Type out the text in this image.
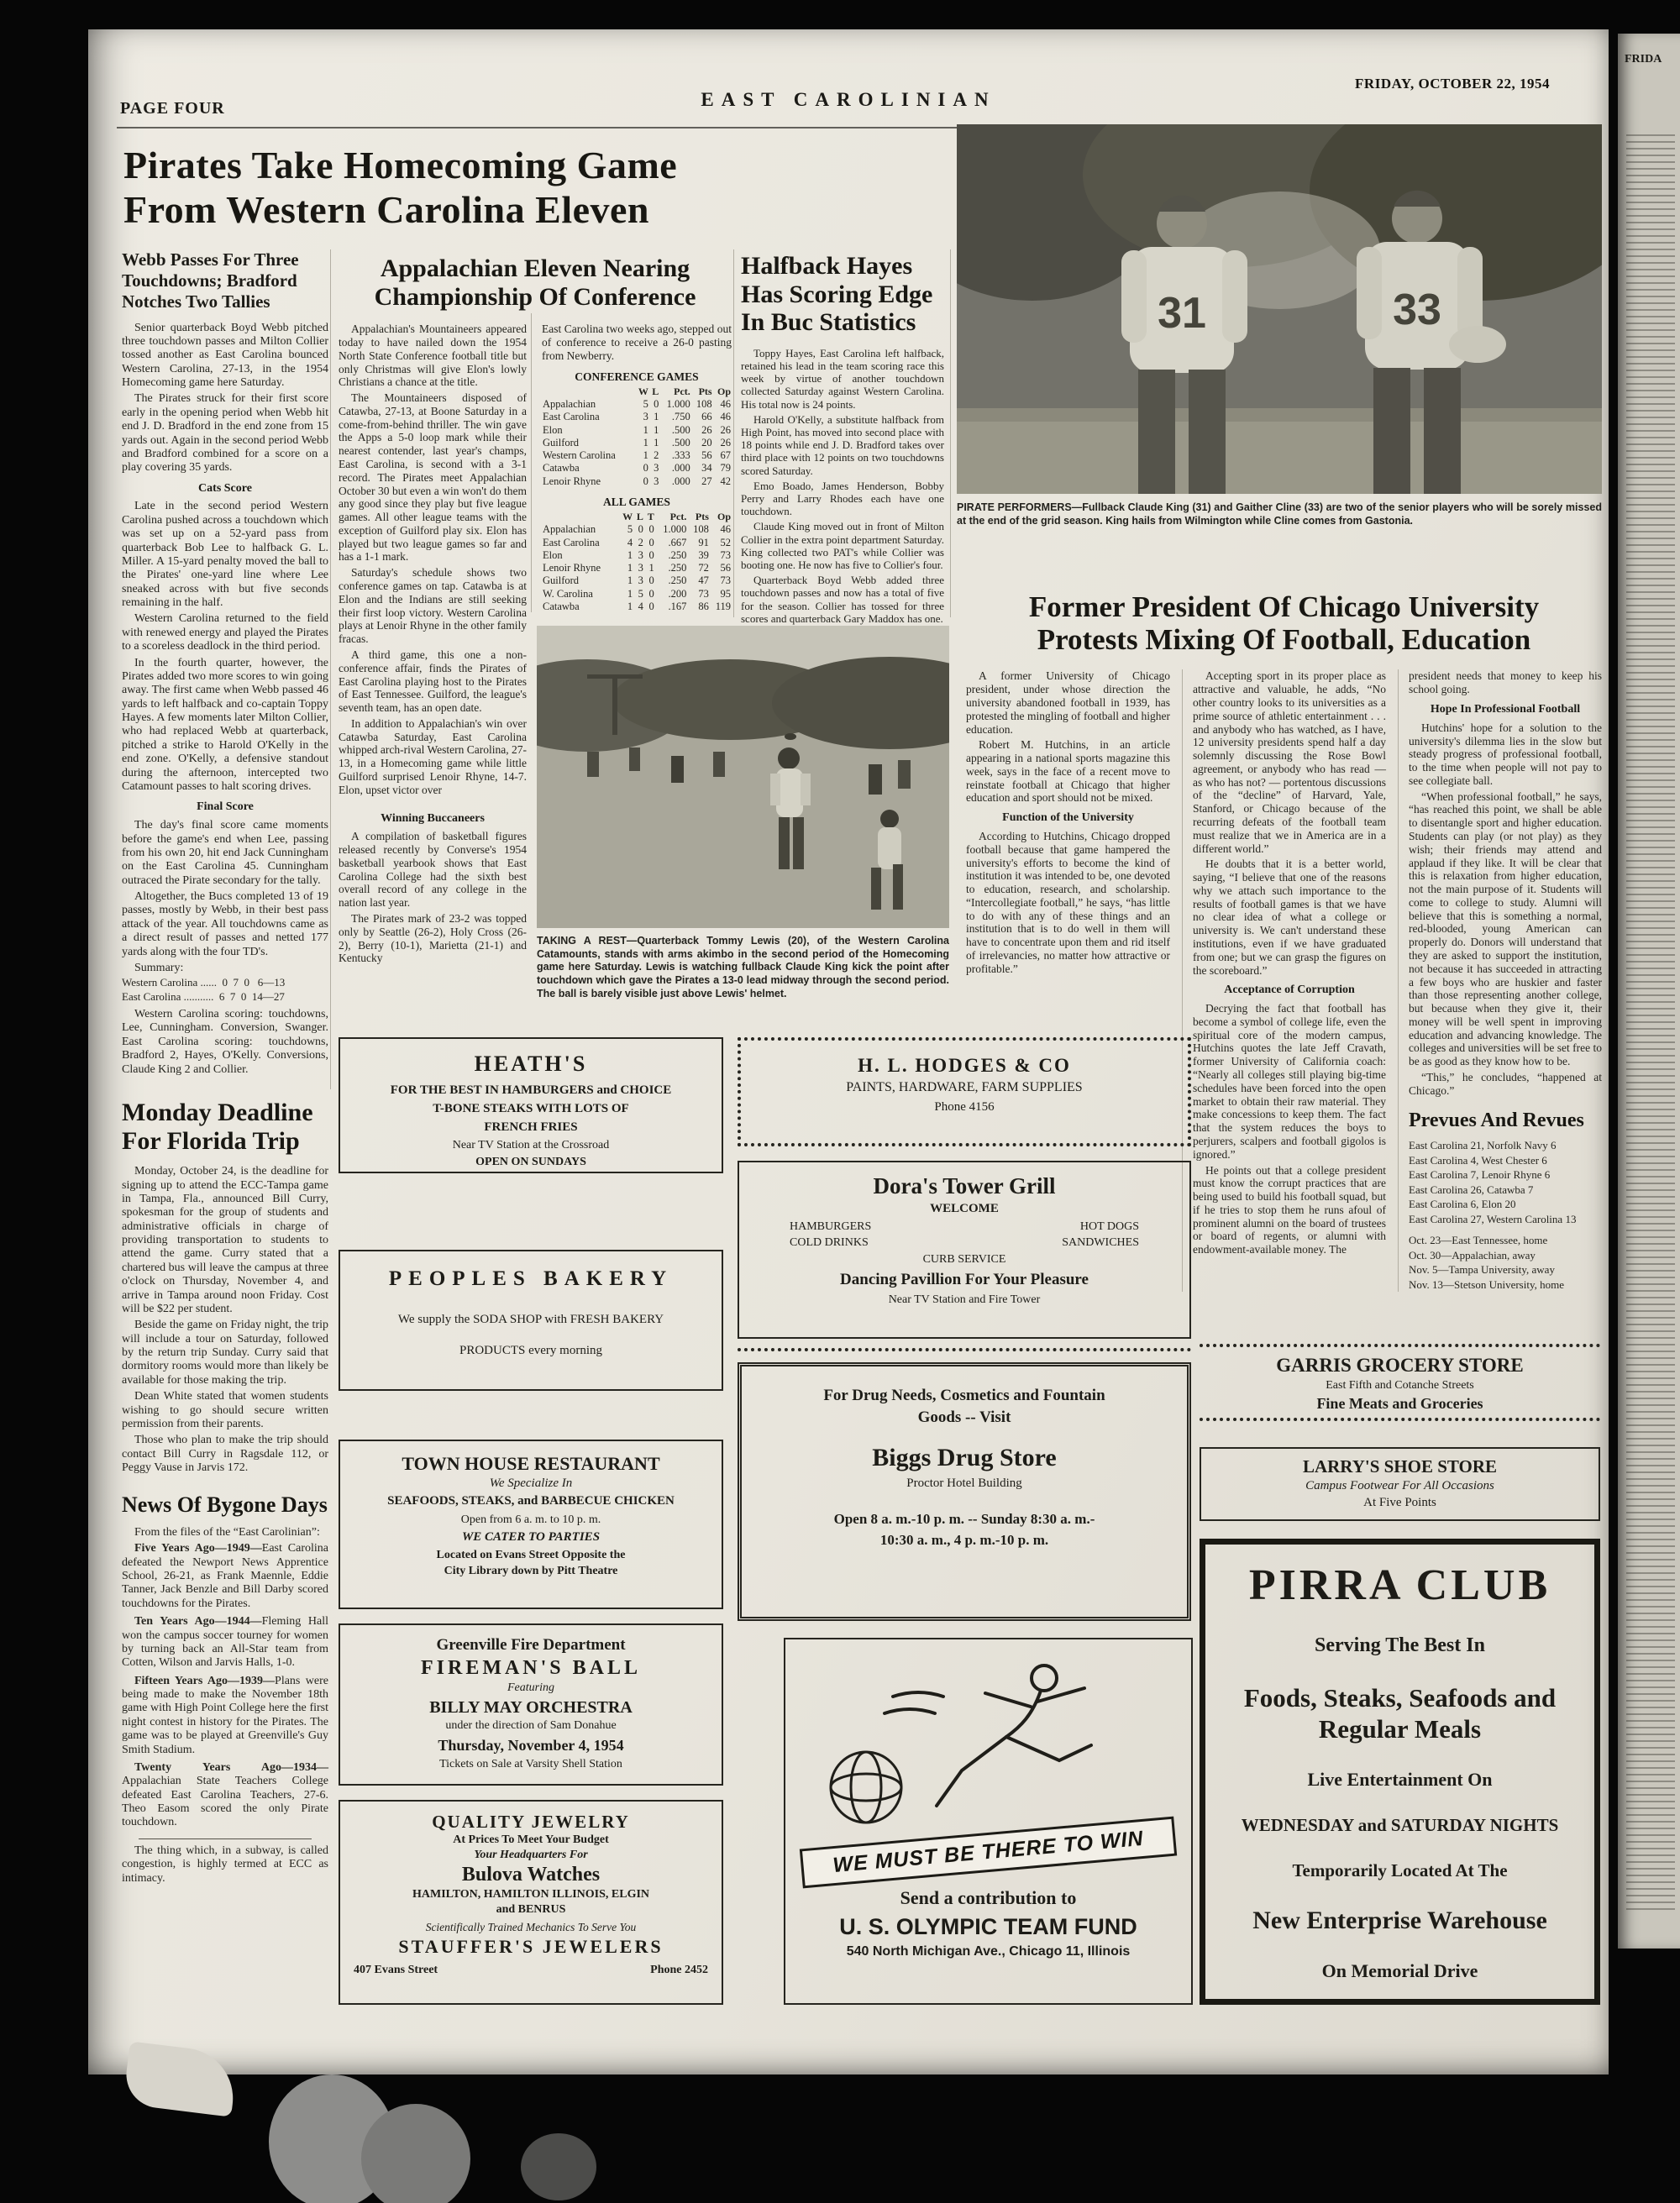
PAGE FOUR	EAST CAROLINIAN
FRIDAY, OCTOBER 22, 1954
Pirates Take Homecoming Game
From Western Carolina Eleven
Webb Passes For Three
Touchdowns; Bradford
Notches Two Tallies

Senior quarterback Boyd Webb pitched three touchdown passes and Milton Collier tossed another as East Carolina bounced Western Carolina, 27-13, in the 1954 Homecoming game here Saturday.

The Pirates struck for their first score early in the opening period when Webb hit end J. D. Bradford in the end zone from 15 yards out. Again in the second period Webb and Bradford combined for a score on a play covering 35 yards.

Cats Score

Late in the second period Western Carolina pushed across a touchdown which was set up on a 52-yard pass from quarterback Bob Lee to halfback G. L. Miller. A 15-yard penalty moved the ball to the Pirates' one-yard line where Lee sneaked across with but five seconds remaining in the half.

Western Carolina returned to the field with renewed energy and played the Pirates to a scoreless deadlock in the third period.

In the fourth quarter, however, the Pirates added two more scores to win going away. The first came when Webb passed 46 yards to left halfback and co-captain Toppy Hayes. A few moments later Milton Collier, who had replaced Webb at quarterback, pitched a strike to Harold O'Kelly in the end zone. O'Kelly, a defensive standout during the afternoon, intercepted two Catamount passes to halt scoring drives.

Final Score

The day's final score came moments before the game's end when Lee, passing from his own 20, hit end Jack Cunningham on the East Carolina 45. Cunningham outraced the Pirate secondary for the tally.

Altogether, the Bucs completed 13 of 19 passes, mostly by Webb, in their best pass attack of the year. All touchdowns came as a direct result of passes and netted 177 yards along with the four TD's.

Summary:

Western Carolina ......  0  7  0   6—13
East Carolina ...........  6  7  0  14—27

Western Carolina scoring: touchdowns, Lee, Cunningham. Conversion, Swanger. East Carolina scoring: touchdowns, Bradford 2, Hayes, O'Kelly. Conversions, Claude King 2 and Collier.

Monday Deadline
For Florida Trip

Monday, October 24, is the deadline for signing up to attend the ECC-Tampa game in Tampa, Fla., announced Bill Curry, spokesman for the group of students and administrative officials in charge of providing transportation to students to attend the game. Curry stated that a chartered bus will leave the campus at three o'clock on Thursday, November 4, and arrive in Tampa around noon Friday. Cost will be $22 per student.

Beside the game on Friday night, the trip will include a tour on Saturday, followed by the return trip Sunday. Curry said that dormitory rooms would more than likely be available for those making the trip.

Dean White stated that women students wishing to go should secure written permission from their parents.

Those who plan to make the trip should contact Bill Curry in Ragsdale 112, or Peggy Vause in Jarvis 172.

News Of Bygone Days

From the files of the “East Carolinian”:

Five Years Ago—1949—East Carolina defeated the Newport News Apprentice School, 26-21, as Frank Maennle, Eddie Tanner, Jack Benzle and Bill Darby scored touchdowns for the Pirates.

Ten Years Ago—1944—Fleming Hall won the campus soccer tourney for women by turning back an All-Star team from Cotten, Wilson and Jarvis Halls, 1-0.

Fifteen Years Ago—1939—Plans were being made to make the November 18th game with High Point College here the first night contest in history for the Pirates. The game was to be played at Greenville's Guy Smith Stadium.

Twenty Years Ago—1934—Appalachian State Teachers College defeated East Carolina Teachers, 27-6. Theo Easom scored the only Pirate touchdown.

The thing which, in a subway, is called congestion, is highly termed at ECC as intimacy.

Appalachian Eleven Nearing
Championship Of Conference

Appalachian's Mountaineers appeared today to have nailed down the 1954 North State Conference football title but only Christmas will give Elon's lowly Christians a chance at the title.

The Mountaineers disposed of Catawba, 27-13, at Boone Saturday in a come-from-behind thriller. The win gave the Apps a 5-0 loop mark while their nearest contender, last year's champs, East Carolina, is second with a 3-1 record. The Pirates meet Appalachian October 30 but even a win won't do them any good since they play but five league games. All other league teams with the exception of Guilford play six. Elon has played but two league games so far and has a 1-1 mark.

Saturday's schedule shows two conference games on tap. Catawba is at Elon and the Indians are still seeking their first loop victory. Western Carolina plays at Lenoir Rhyne in the other family fracas.

A third game, this one a non-conference affair, finds the Pirates of East Carolina playing host to the Pirates of East Tennessee. Guilford, the league's seventh team, has an open date.

In addition to Appalachian's win over Catawba Saturday, East Carolina whipped arch-rival Western Carolina, 27-13, in a Homecoming game while little Guilford surprised Lenoir Rhyne, 14-7. Elon, upset victor over

Winning Buccaneers

A compilation of basketball figures released recently by Converse's 1954 basketball yearbook shows that East Carolina College had the sixth best overall record of any college in the nation last year.

The Pirates mark of 23-2 was topped only by Seattle (26-2), Holy Cross (26-2), Berry (10-1), Marietta (21-1) and Kentucky

East Carolina two weeks ago, stepped out of conference to receive a 26-0 pasting from Newberry.

CONFERENCE GAMES
	W	L	Pct.	Pts	Op
Appalachian	5	0	1.000	108	46
East Carolina	3	1	.750	66	46
Elon	1	1	.500	26	26
Guilford	1	1	.500	20	26
Western Carolina	1	2	.333	56	67
Catawba	0	3	.000	34	79
Lenoir Rhyne	0	3	.000	27	42
ALL GAMES
	W	L	T	Pct.	Pts	Op
Appalachian	5	0	0	1.000	108	46
East Carolina	4	2	0	.667	91	52
Elon	1	3	0	.250	39	73
Lenoir Rhyne	1	3	1	.250	72	56
Guilford	1	3	0	.250	47	73
W. Carolina	1	5	0	.200	73	95
Catawba	1	4	0	.167	86	119
Halfback Hayes
Has Scoring Edge
In Buc Statistics

Toppy Hayes, East Carolina left halfback, retained his lead in the team scoring race this week by virtue of another touchdown collected Saturday against Western Carolina. His total now is 24 points.

Harold O'Kelly, a substitute halfback from High Point, has moved into second place with 18 points while end J. D. Bradford takes over third place with 12 points on two touchdowns scored Saturday.

Emo Boado, James Henderson, Bobby Perry and Larry Rhodes each have one touchdown.

Claude King moved out in front of Milton Collier in the extra point department Saturday. King collected two PAT's while Collier was booting one. He now has five to Collier's four.

Quarterback Boyd Webb added three touchdown passes and now has a total of five for the season. Collier has tossed for three scores and quarterback Gary Maddox has one.

31	33
PIRATE PERFORMERS—Fullback Claude King (31) and Gaither Cline (33) are two of the senior players who will be sorely missed at the end of the grid season. King hails from Wilmington while Cline comes from Gastonia.
TAKING A REST—Quarterback Tommy Lewis (20), of the Western Carolina Catamounts, stands with arms akimbo in the second period of the Homecoming game here Saturday. Lewis is watching fullback Claude King kick the point after touchdown which gave the Pirates a 13-0 lead midway through the second period. The ball is barely visible just above Lewis' helmet.
Former President Of Chicago University
Protests Mixing Of Football, Education

A former University of Chicago president, under whose direction the university abandoned football in 1939, has protested the mingling of football and higher education.

Robert M. Hutchins, in an article appearing in a national sports magazine this week, says in the face of a recent move to reinstate football at Chicago that higher education and sport should not be mixed.

Function of the University

According to Hutchins, Chicago dropped football because that game hampered the university's efforts to become the kind of institution it was intended to be, one devoted to education, research, and scholarship. “Intercollegiate football,” he says, “has little to do with any of these things and an institution that is to do well in them will have to concentrate upon them and rid itself of irrelevancies, no matter how attractive or profitable.”

Accepting sport in its proper place as attractive and valuable, he adds, “No other country looks to its universities as a prime source of athletic entertainment . . . and anybody who has watched, as I have, 12 university presidents spend half a day solemnly discussing the Rose Bowl agreement, or anybody who has read — as who has not? — portentous discussions of the “decline” of Harvard, Yale, Stanford, or Chicago because of the recurring defeats of the football team must realize that we in America are in a different world.”

He doubts that it is a better world, saying, “I believe that one of the reasons why we attach such importance to the results of football games is that we have no clear idea of what a college or university is. We can't understand these institutions, even if we have graduated from one; but we can grasp the figures on the scoreboard.”

Acceptance of Corruption

Decrying the fact that football has become a symbol of college life, even the spiritual core of the modern campus, Hutchins quotes the late Jeff Cravath, former University of California coach: “Nearly all colleges still playing big-time schedules have been forced into the open market to obtain their raw material. They make concessions to keep them. The fact that the system reduces the boys to perjurers, scalpers and football gigolos is ignored.”

He points out that a college president must know the corrupt practices that are being used to build his football squad, but if he tries to stop them he runs afoul of prominent alumni on the board of trustees or board of regents, or alumni with endowment-available money. The

president needs that money to keep his school going.

Hope In Professional Football

Hutchins' hope for a solution to the university's dilemma lies in the slow but steady progress of professional football, to the time when people will not pay to see collegiate ball.

“When professional football,” he says, “has reached this point, we shall be able to disentangle sport and higher education. Students can play (or not play) as they wish; their friends may attend and applaud if they like. It will be clear that this is relaxation from higher education, not the main purpose of it. Students will come to college to study. Alumni will believe that this is something a normal, red-blooded, young American can properly do. Donors will understand that they are asked to support the institution, not because it has succeeded in attracting a few boys who are huskier and faster than those representing another college, but because when they give it, their money will be well spent in improving education and advancing knowledge. The colleges and universities will be set free to be as good as they know how to be.

“This,” he concludes, “happened at Chicago.”

Prevues And Revues
East Carolina 21, Norfolk Navy 6
East Carolina 4, West Chester 6
East Carolina 7, Lenoir Rhyne 6
East Carolina 26, Catawba 7
East Carolina 6, Elon 20
East Carolina 27, Western Carolina 13
Oct. 23—East Tennessee, home
Oct. 30—Appalachian, away
Nov. 5—Tampa University, away
Nov. 13—Stetson University, home
HEATH'S
FOR THE BEST IN HAMBURGERS and CHOICE
T-BONE STEAKS WITH LOTS OF
FRENCH FRIES
Near TV Station at the Crossroad
OPEN ON SUNDAYS
PEOPLES BAKERY
We supply the SODA SHOP with FRESH BAKERY
PRODUCTS every morning
TOWN HOUSE RESTAURANT
We Specialize In
SEAFOODS, STEAKS, and BARBECUE CHICKEN
Open from 6 a. m. to 10 p. m.
WE CATER TO PARTIES
Located on Evans Street Opposite the
City Library down by Pitt Theatre
Greenville Fire Department
FIREMAN'S BALL
Featuring
BILLY MAY ORCHESTRA
under the direction of Sam Donahue
Thursday, November 4, 1954
Tickets on Sale at Varsity Shell Station
QUALITY JEWELRY
At Prices To Meet Your Budget
Your Headquarters For
Bulova Watches
HAMILTON, HAMILTON ILLINOIS, ELGIN
and BENRUS
Scientifically Trained Mechanics To Serve You
STAUFFER'S JEWELERS
407 Evans Street	Phone 2452
H. L. HODGES & CO
PAINTS, HARDWARE, FARM SUPPLIES
Phone 4156
Dora's Tower Grill
WELCOME
HAMBURGERS	HOT DOGS
COLD DRINKS	SANDWICHES
CURB SERVICE
Dancing Pavillion For Your Pleasure
Near TV Station and Fire Tower
For Drug Needs, Cosmetics and Fountain
Goods -- Visit
Biggs Drug Store
Proctor Hotel Building
Open 8 a. m.-10 p. m. -- Sunday 8:30 a. m.-
10:30 a. m., 4 p. m.-10 p. m.
WE MUST BE THERE TO WIN
Send a contribution to
U. S. OLYMPIC TEAM FUND
540 North Michigan Ave., Chicago 11, Illinois
GARRIS GROCERY STORE
East Fifth and Cotanche Streets
Fine Meats and Groceries
LARRY'S SHOE STORE
Campus Footwear For All Occasions
At Five Points
PIRRA CLUB
Serving The Best In
Foods, Steaks, Seafoods and
Regular Meals
Live Entertainment On
WEDNESDAY and SATURDAY NIGHTS
Temporarily Located At The
New Enterprise Warehouse
On Memorial Drive
FRIDA
